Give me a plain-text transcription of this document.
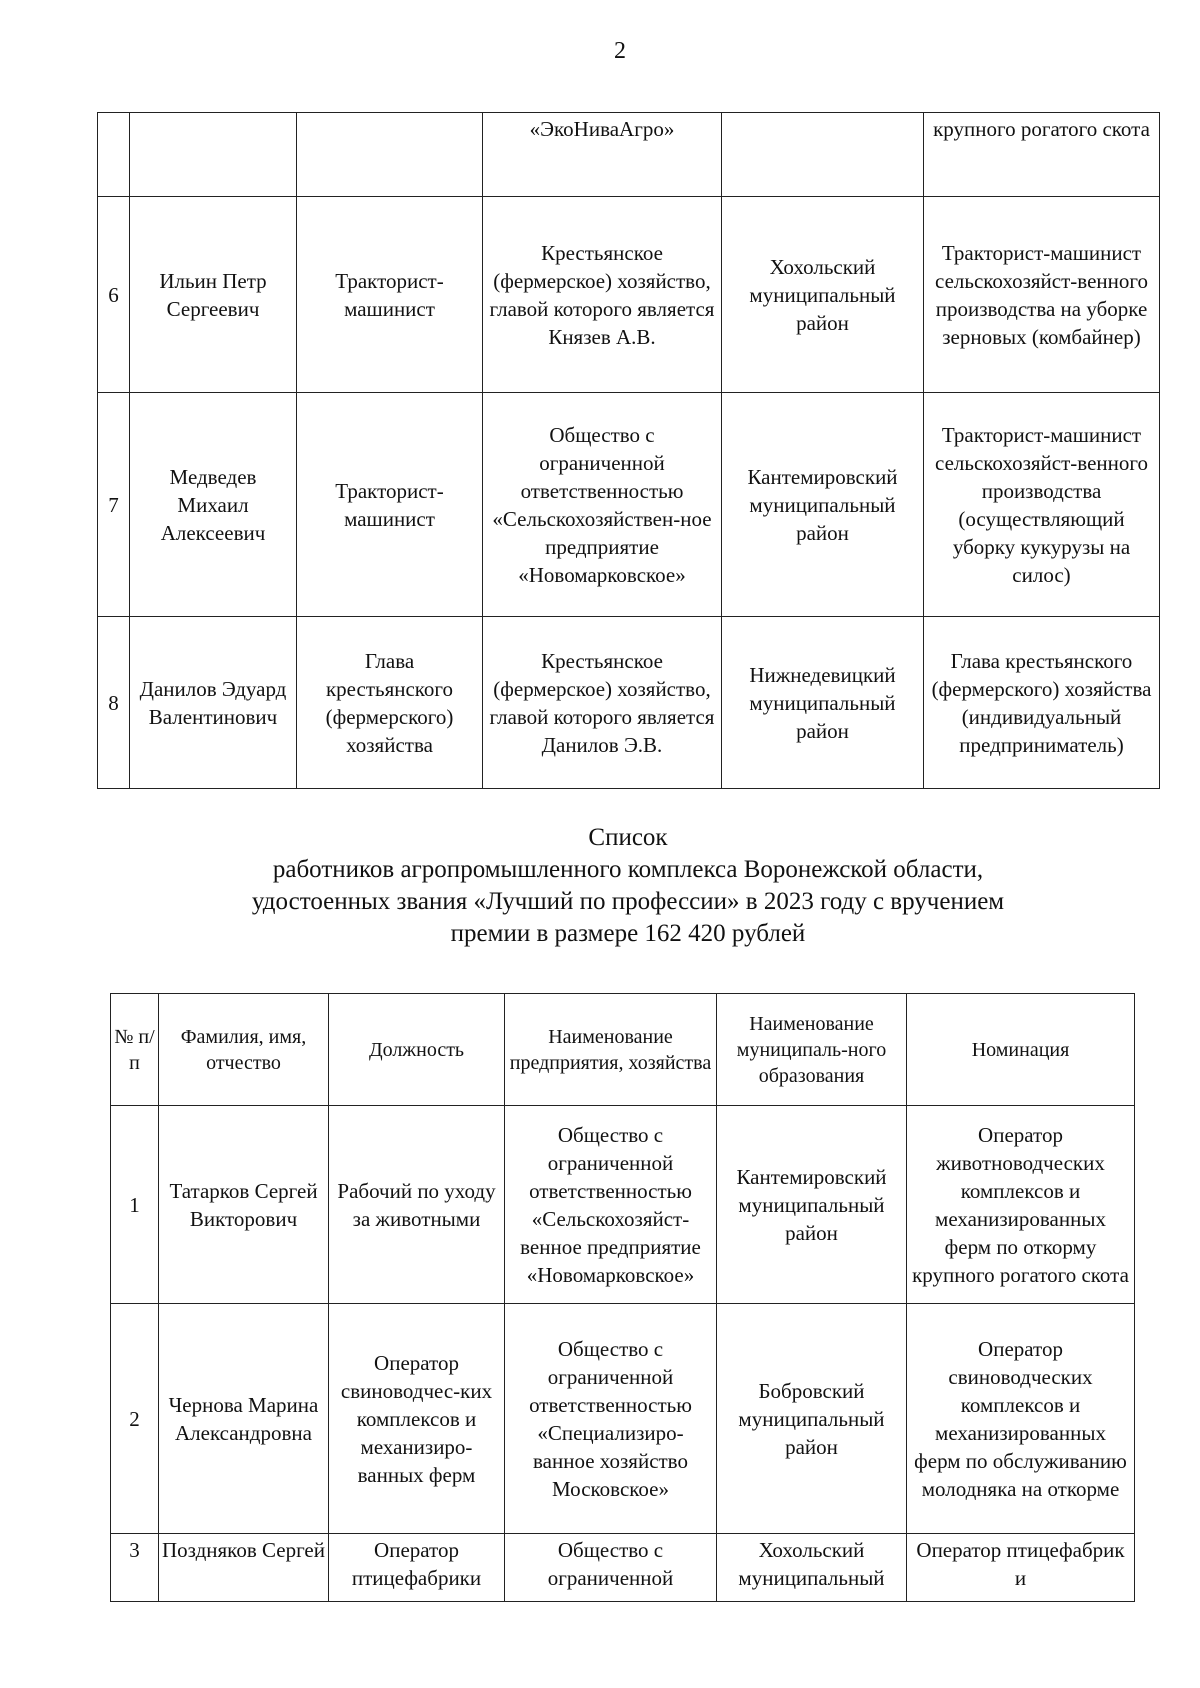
2
			«ЭкоНиваАгро»		крупного рогатого скота
6	Ильин Петр Сергеевич	Тракторист-машинист	Крестьянское (фермерское) хозяйство, главой которого является Князев А.В.	Хохольский муниципальный район	Тракторист-машинист сельскохозяйст-венного производства на уборке зерновых (комбайнер)
7	Медведев Михаил Алексеевич	Тракторист-машинист	Общество с ограниченной ответственностью «Сельскохозяйствен-ное предприятие «Новомарковское»	Кантемировский муниципальный район	Тракторист-машинист сельскохозяйст-венного производства (осуществляющий уборку кукурузы на силос)
8	Данилов Эдуард Валентинович	Глава крестьянского (фермерского) хозяйства	Крестьянское (фермерское) хозяйство, главой которого является Данилов Э.В.	Нижнедевицкий муниципальный район	Глава крестьянского (фермерского) хозяйства (индивидуальный предприниматель)
Список
работников агропромышленного комплекса Воронежской области,
удостоенных звания «Лучший по профессии» в 2023 году с вручением
премии в размере 162 420 рублей
№ п/п	Фамилия, имя, отчество	Должность	Наименование предприятия, хозяйства	Наименование муниципаль-ного образования	Номинация
1	Татарков Сергей Викторович	Рабочий по уходу за животными	Общество с ограниченной ответственностью «Сельскохозяйст-венное предприятие «Новомарковское»	Кантемировский муниципальный район	Оператор животноводческих комплексов и механизированных ферм по откорму крупного рогатого скота
2	Чернова Марина Александровна	Оператор свиноводчес-ких комплексов и механизиро-ванных ферм	Общество с ограниченной ответственностью «Специализиро-ванное хозяйство Московское»	Бобровский муниципальный район	Оператор свиноводческих комплексов и механизированных ферм по обслуживанию молодняка на откорме
3	Поздняков Сергей	Оператор птицефабрики	Общество с ограниченной	Хохольский муниципальный	Оператор птицефабрик и
